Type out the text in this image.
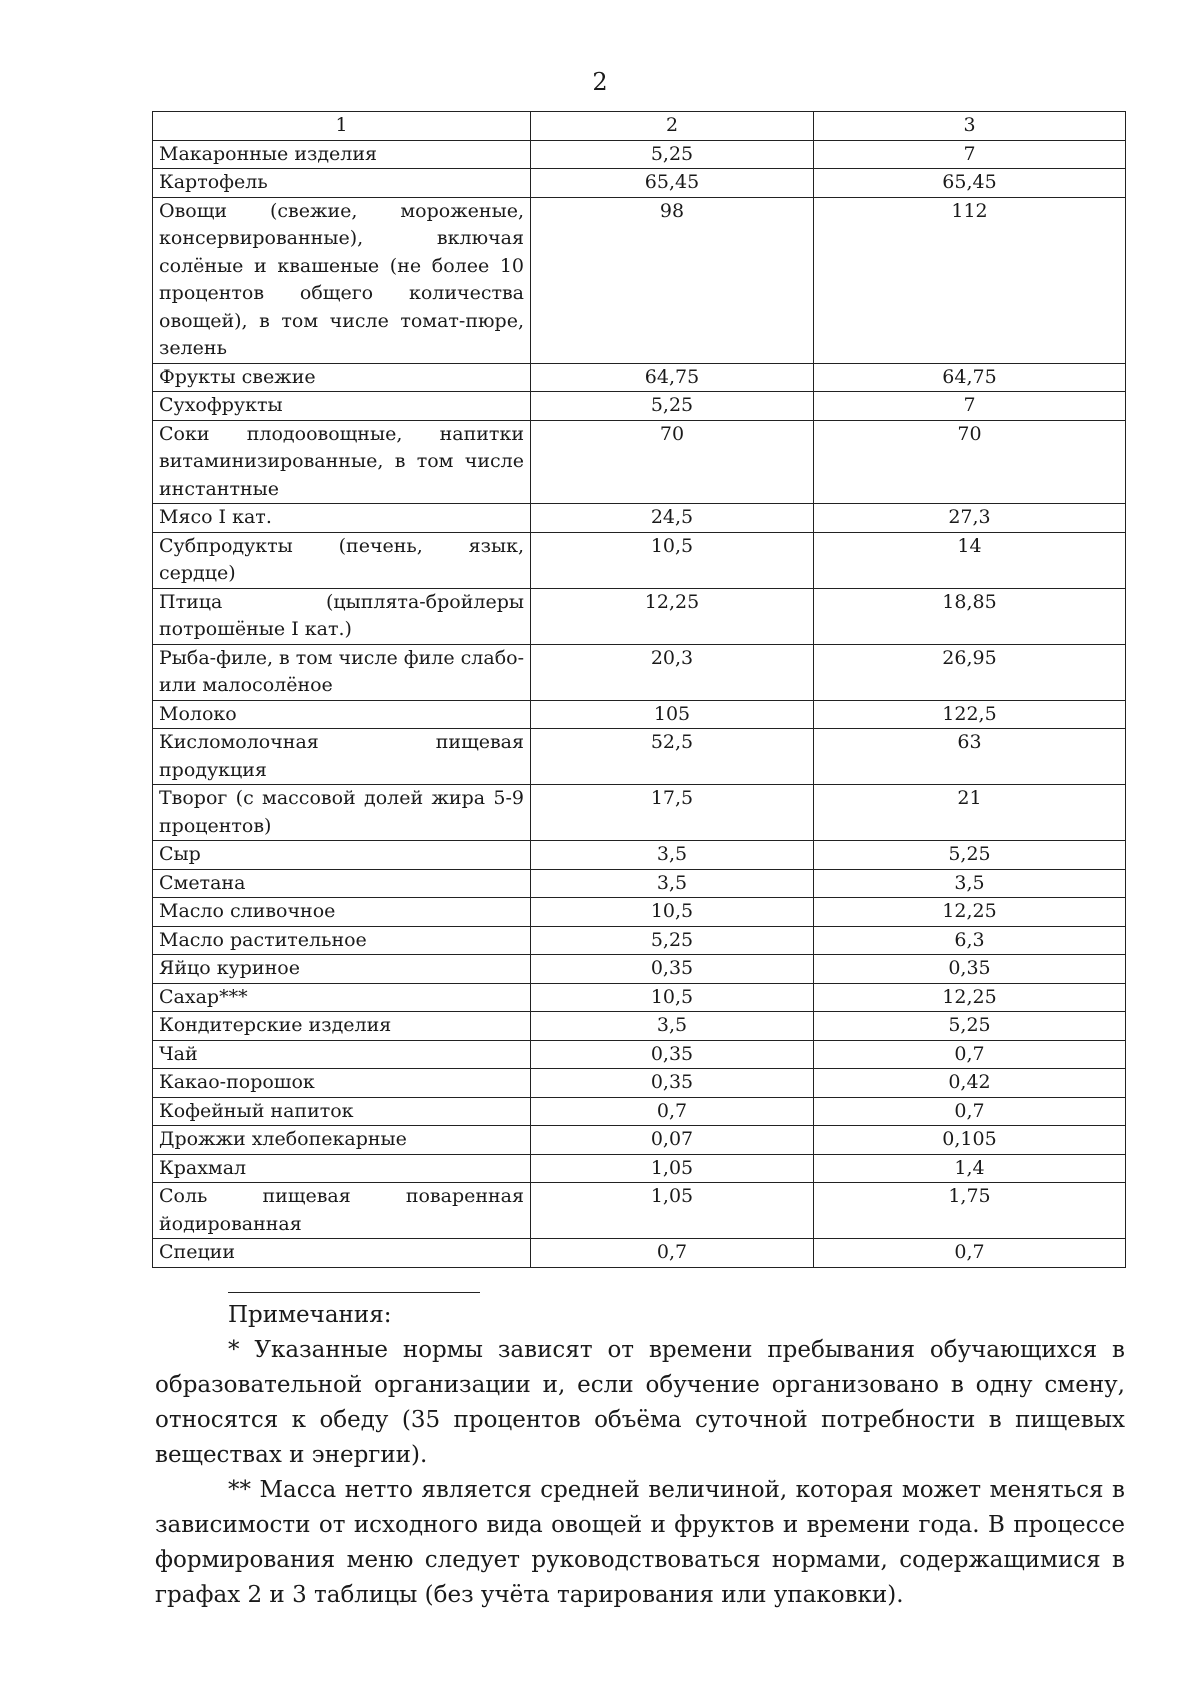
2
1	2	3
Макаронные изделия	5,25	7
Картофель	65,45	65,45
Овощи (свежие, мороженые, консервированные), включая солёные и квашеные (не более 10 процентов общего количества овощей), в том числе томат-пюре, зелень	98	112
Фрукты свежие	64,75	64,75
Сухофрукты	5,25	7
Соки плодоовощные, напитки витаминизированные, в том числе инстантные	70	70
Мясо I кат.	24,5	27,3
Субпродукты (печень, язык, сердце)	10,5	14
Птица (цыплята-бройлеры потрошёные I кат.)	12,25	18,85
Рыба-филе, в том числе филе слабо- или малосолёное	20,3	26,95
Молоко	105	122,5
Кисломолочная пищевая продукция	52,5	63
Творог (с массовой долей жира 5-9 процентов)	17,5	21
Сыр	3,5	5,25
Сметана	3,5	3,5
Масло сливочное	10,5	12,25
Масло растительное	5,25	6,3
Яйцо куриное	0,35	0,35
Сахар***	10,5	12,25
Кондитерские изделия	3,5	5,25
Чай	0,35	0,7
Какао-порошок	0,35	0,42
Кофейный напиток	0,7	0,7
Дрожжи хлебопекарные	0,07	0,105
Крахмал	1,05	1,4
Соль пищевая поваренная йодированная	1,05	1,75
Специи	0,7	0,7
Примечания:

* Указанные нормы зависят от времени пребывания обучающихся в образовательной организации и, если обучение организовано в одну смену, относятся к обеду (35 процентов объёма суточной потребности в пищевых веществах и энергии).

** Масса нетто является средней величиной, которая может меняться в зависимости от исходного вида овощей и фруктов и времени года. В процессе формирования меню следует руководствоваться нормами, содержащимися в графах 2 и 3 таблицы (без учёта тарирования или упаковки).
